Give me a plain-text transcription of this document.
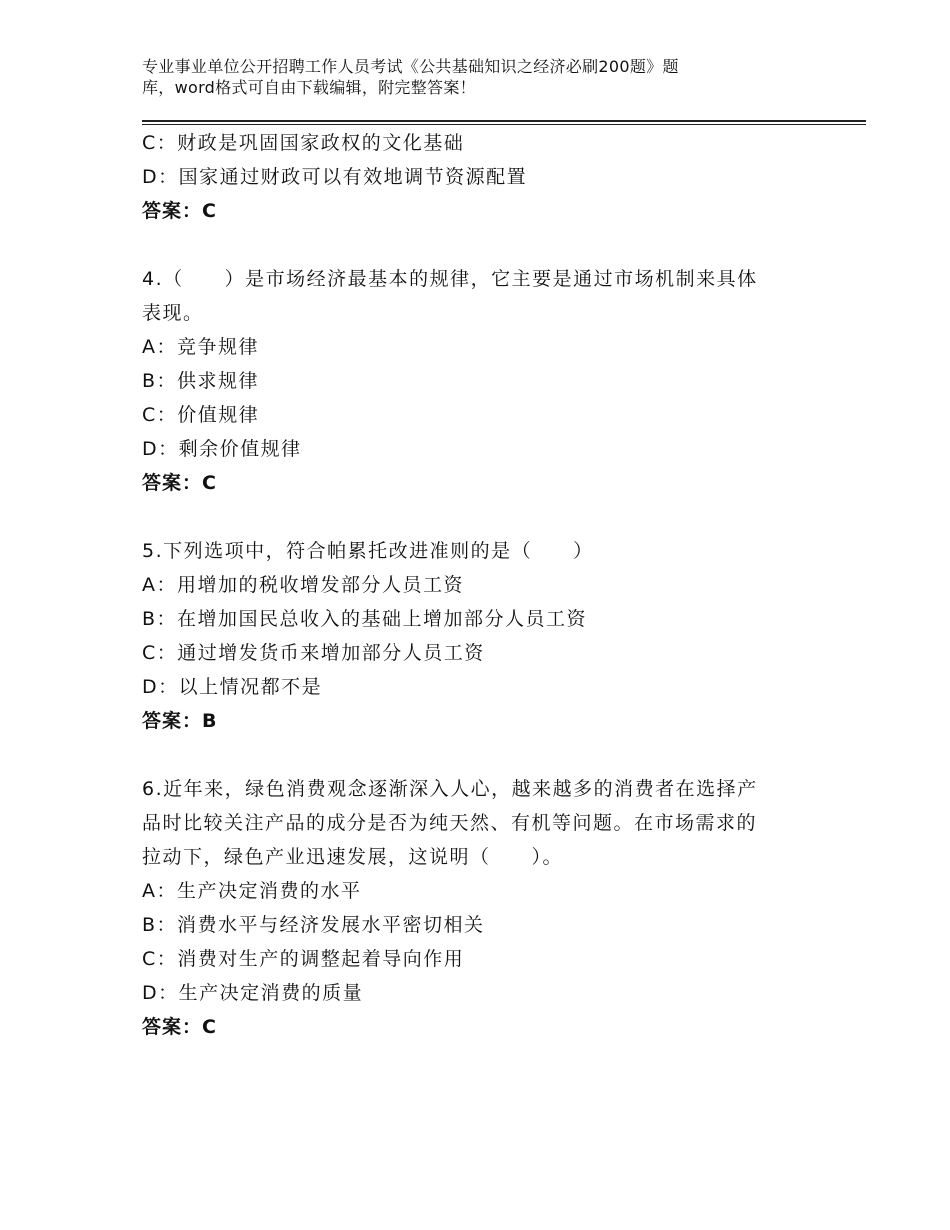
专业事业单位公开招聘工作人员考试《公共基础知识之经济必刷200题》题
库，word格式可自由下载编辑，附完整答案！
C：财政是巩固国家政权的文化基础
D：国家通过财政可以有效地调节资源配置
答案：C
4.（　　）是市场经济最基本的规律，它主要是通过市场机制来具体
表现。
A：竞争规律
B：供求规律
C：价值规律
D：剩余价值规律
答案：C
5.下列选项中，符合帕累托改进准则的是（　　）
A：用增加的税收增发部分人员工资
B：在增加国民总收入的基础上增加部分人员工资
C：通过增发货币来增加部分人员工资
D：以上情况都不是
答案：B
6.近年来，绿色消费观念逐渐深入人心，越来越多的消费者在选择产
品时比较关注产品的成分是否为纯天然、有机等问题。在市场需求的
拉动下，绿色产业迅速发展，这说明（　　）。
A：生产决定消费的水平
B：消费水平与经济发展水平密切相关
C：消费对生产的调整起着导向作用
D：生产决定消费的质量
答案：C
